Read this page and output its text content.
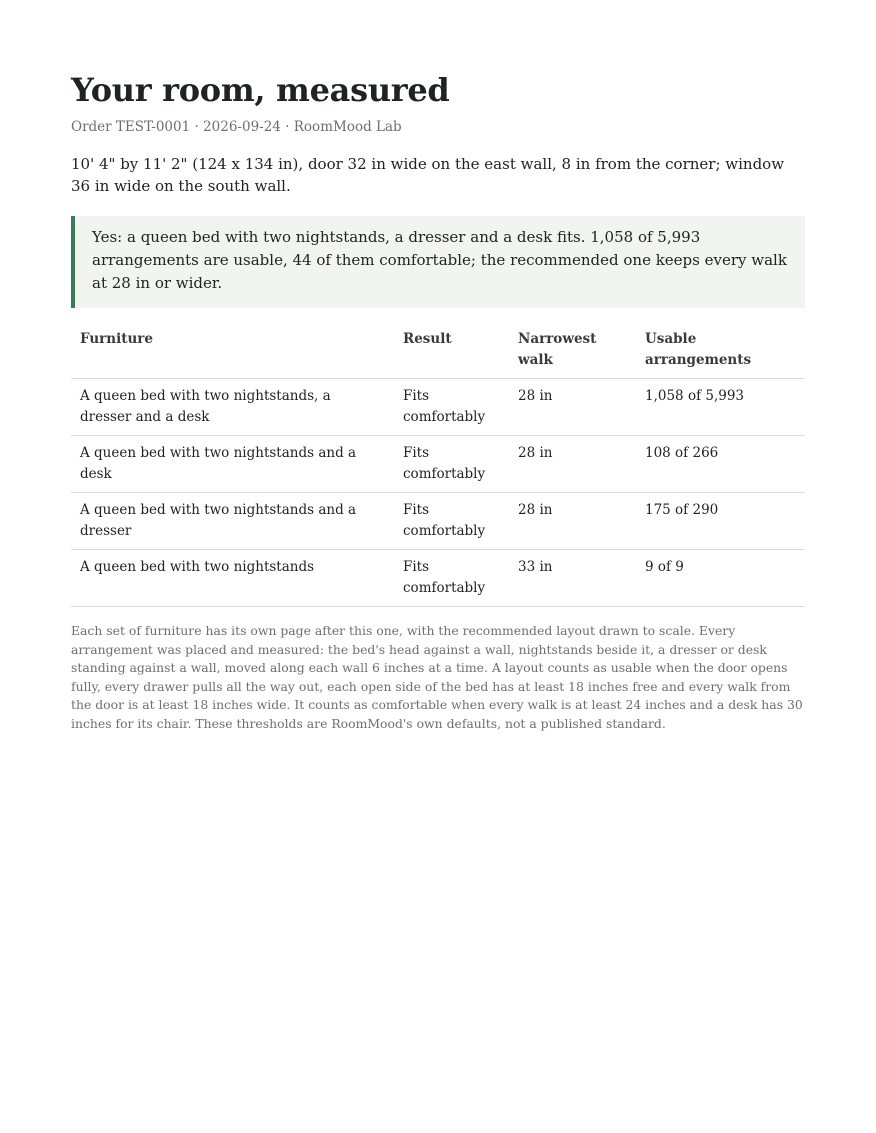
Your room, measured
Order TEST-0001 · 2026-09-24 · RoomMood Lab

10' 4" by 11' 2" (124 x 134 in), door 32 in wide on the east wall, 8 in from the corner; window 36 in wide on the south wall.

Yes: a queen bed with two nightstands, a dresser and a desk fits. 1,058 of 5,993 arrangements are usable, 44 of them comfortable; the recommended one keeps every walk at 28 in or wider.
Furniture	Result	Narrowest walk	Usable arrangements
A queen bed with two nightstands, a dresser and a desk	Fits comfortably	28 in	1,058 of 5,993
A queen bed with two nightstands and a desk	Fits comfortably	28 in	108 of 266
A queen bed with two nightstands and a dresser	Fits comfortably	28 in	175 of 290
A queen bed with two nightstands	Fits comfortably	33 in	9 of 9

Each set of furniture has its own page after this one, with the recommended layout drawn to scale. Every arrangement was placed and measured: the bed's head against a wall, nightstands beside it, a dresser or desk standing against a wall, moved along each wall 6 inches at a time. A layout counts as usable when the door opens fully, every drawer pulls all the way out, each open side of the bed has at least 18 inches free and every walk from the door is at least 18 inches wide. It counts as comfortable when every walk is at least 24 inches and a desk has 30 inches for its chair. These thresholds are RoomMood's own defaults, not a published standard.
